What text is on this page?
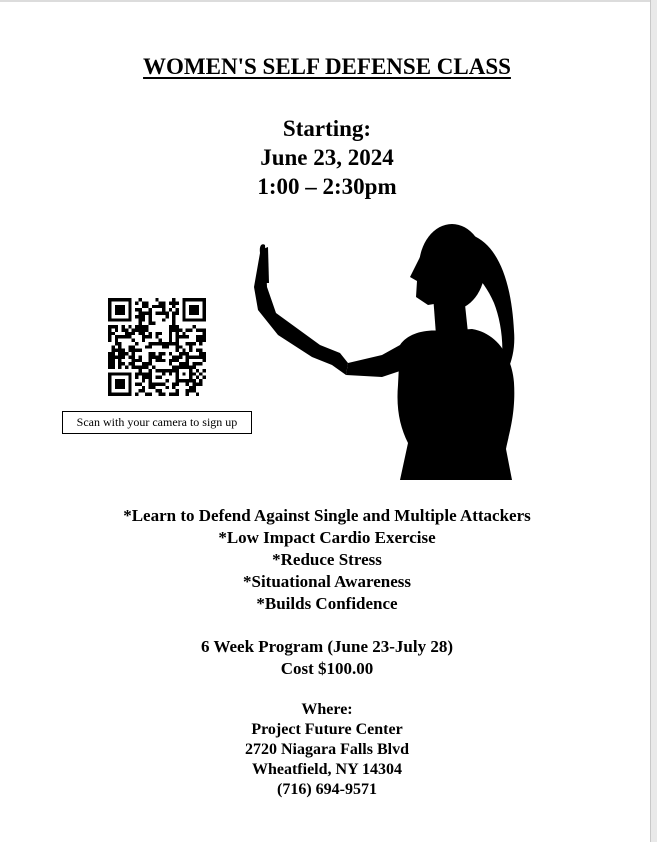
WOMEN'S SELF DEFENSE CLASS
Starting:
June 23, 2024
1:00 – 2:30pm
Scan with your camera to sign up
*Learn to Defend Against Single and Multiple Attackers
*Low Impact Cardio Exercise
*Reduce Stress
*Situational Awareness
*Builds Confidence
6 Week Program (June 23-July 28)
Cost $100.00
Where:
Project Future Center
2720 Niagara Falls Blvd
Wheatfield, NY 14304
(716) 694-9571
